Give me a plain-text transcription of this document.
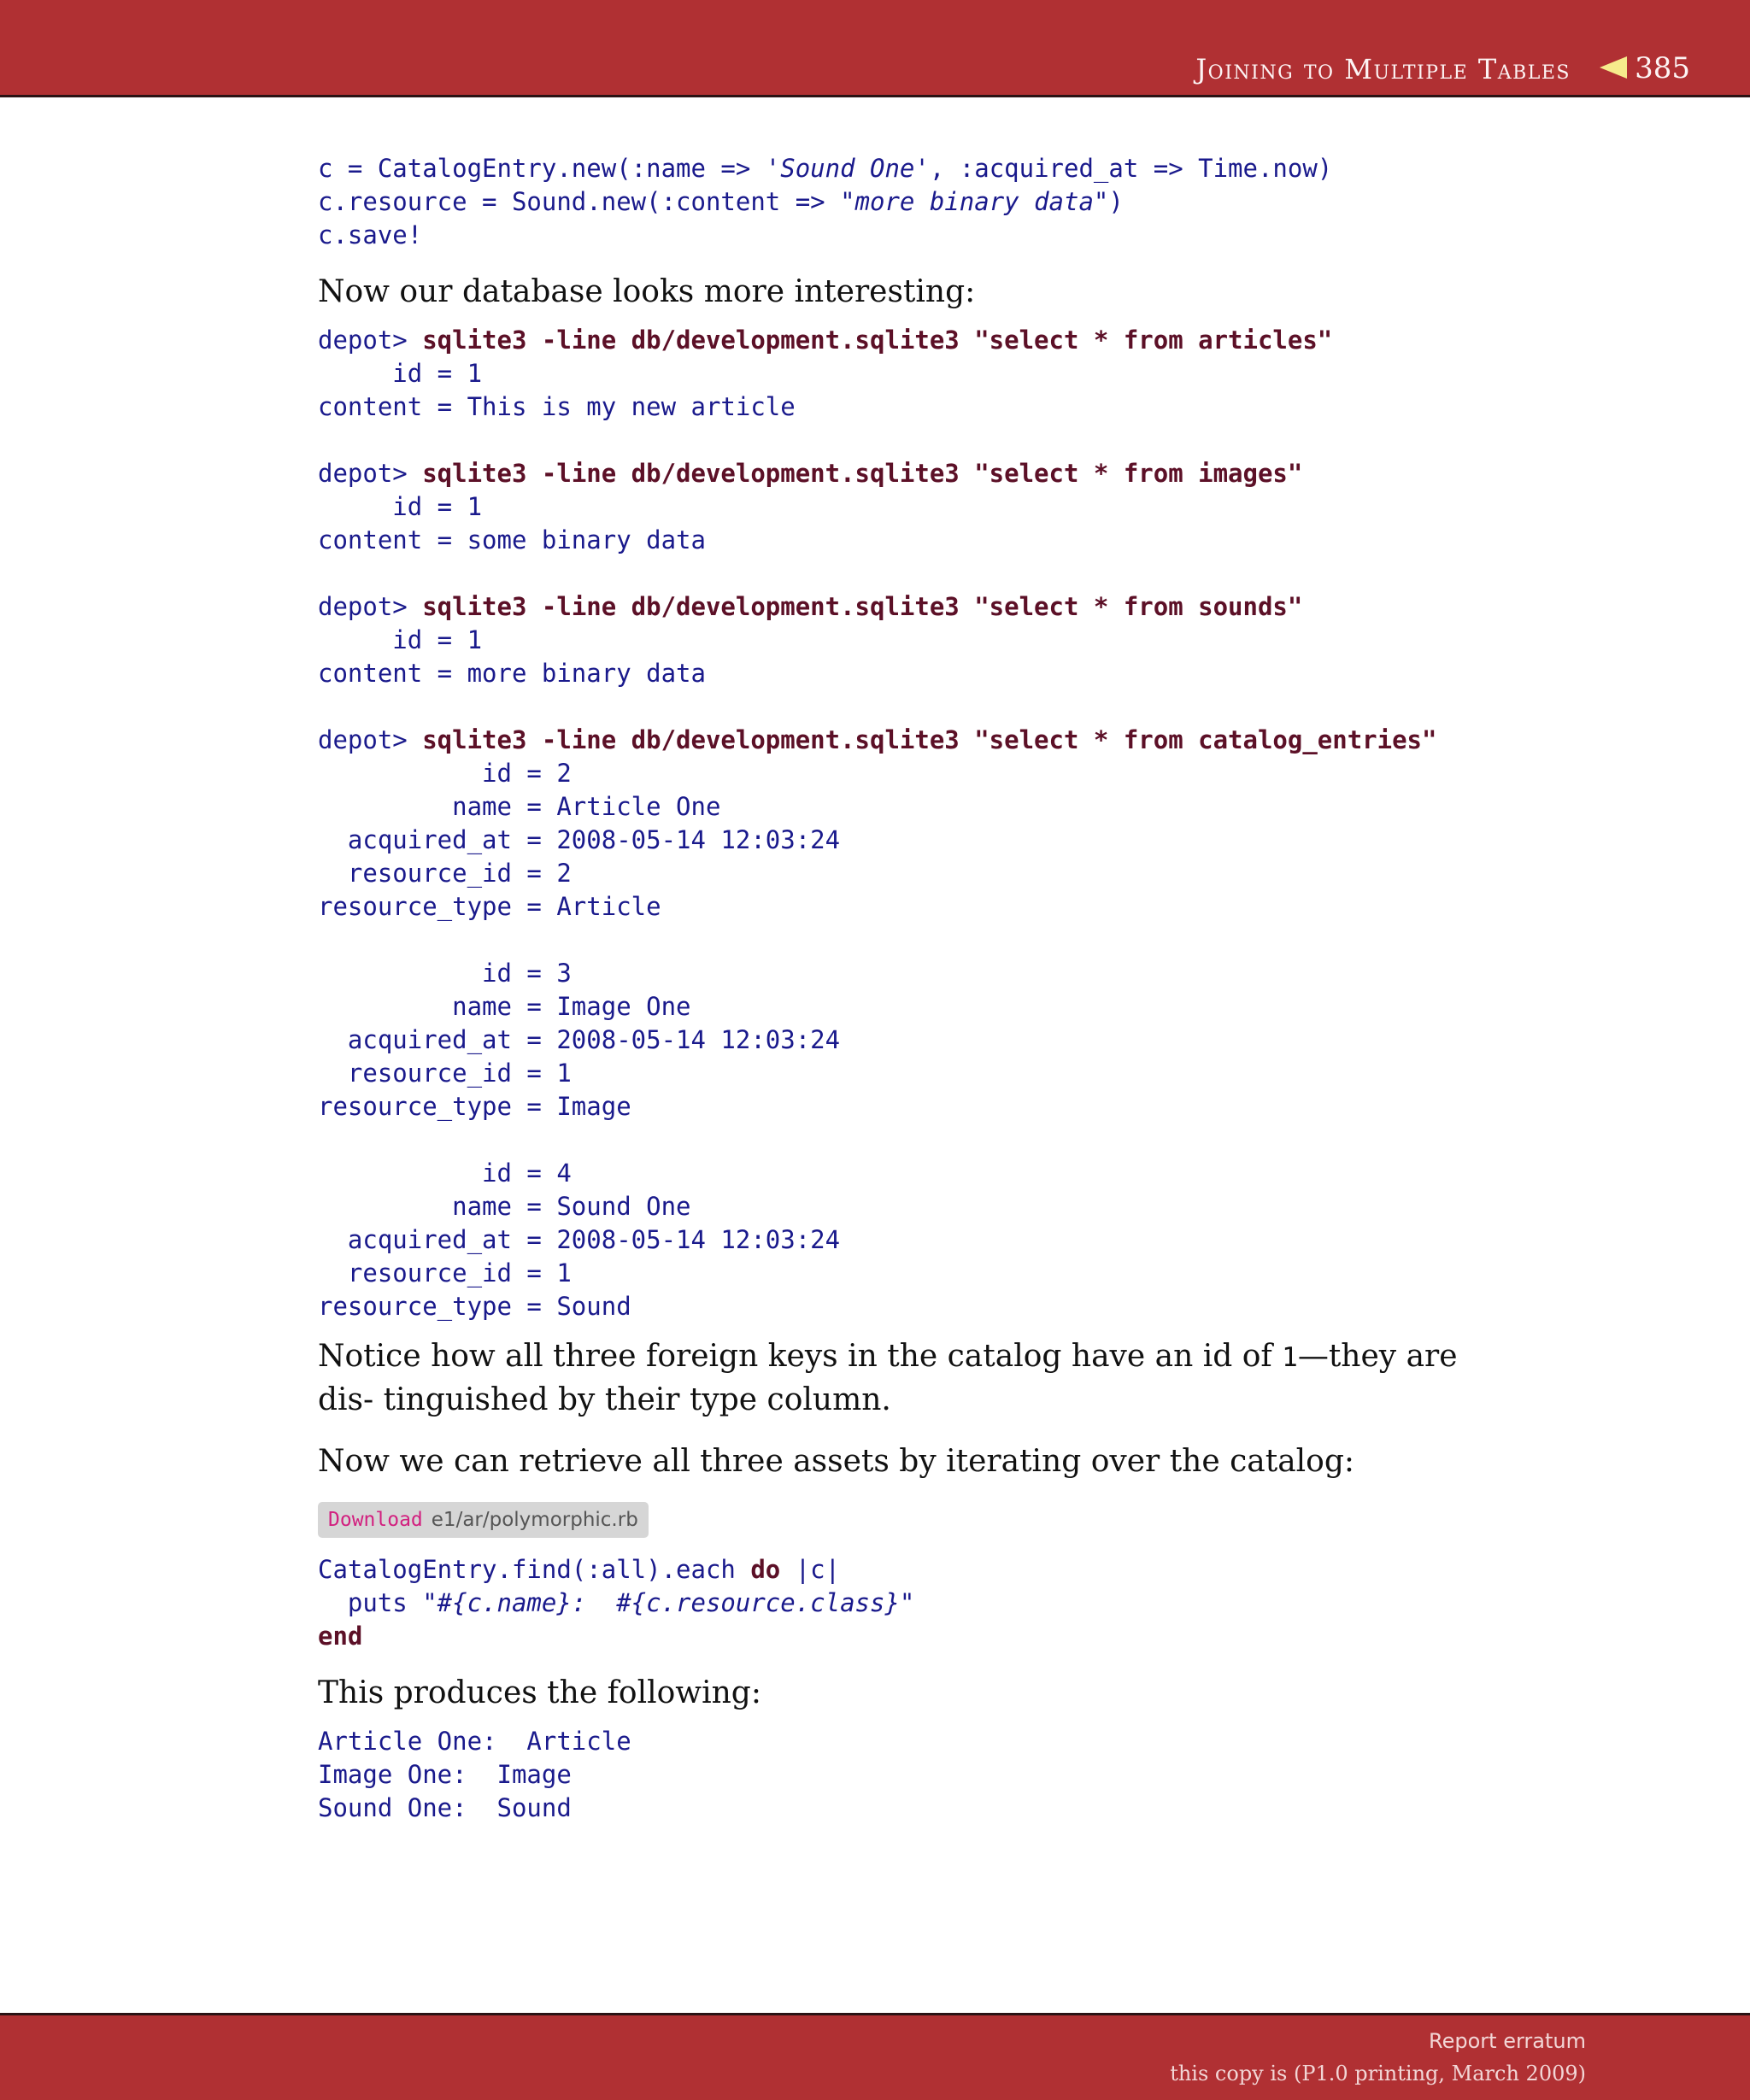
Joining to Multiple Tables 385
c = CatalogEntry.new(:name => 'Sound One', :acquired_at => Time.now)
c.resource = Sound.new(:content => "more binary data")
c.save!

Now our database looks more interesting:

depot> sqlite3 -line db/development.sqlite3 "select * from articles"
id = 1
content = This is my new article

depot> sqlite3 -line db/development.sqlite3 "select * from images"
id = 1
content = some binary data

depot> sqlite3 -line db/development.sqlite3 "select * from sounds"
id = 1
content = more binary data

depot> sqlite3 -line db/development.sqlite3 "select * from catalog_entries"
id = 2
name = Article One
acquired_at = 2008-05-14 12:03:24
resource_id = 2
resource_type = Article

id = 3
name = Image One
acquired_at = 2008-05-14 12:03:24
resource_id = 1
resource_type = Image

id = 4
name = Sound One
acquired_at = 2008-05-14 12:03:24
resource_id = 1
resource_type = Sound

Notice how all three foreign keys in the catalog have an id of 1—they are dis- tinguished by their type column.

Now we can retrieve all three assets by iterating over the catalog:

Download e1/ar/polymorphic.rb
CatalogEntry.find(:all).each do |c|
puts "#{c.name}:  #{c.resource.class}"
end

This produces the following:

Article One:  Article
Image One:  Image
Sound One:  Sound
Report erratum
this copy is (P1.0 printing, March 2009)
